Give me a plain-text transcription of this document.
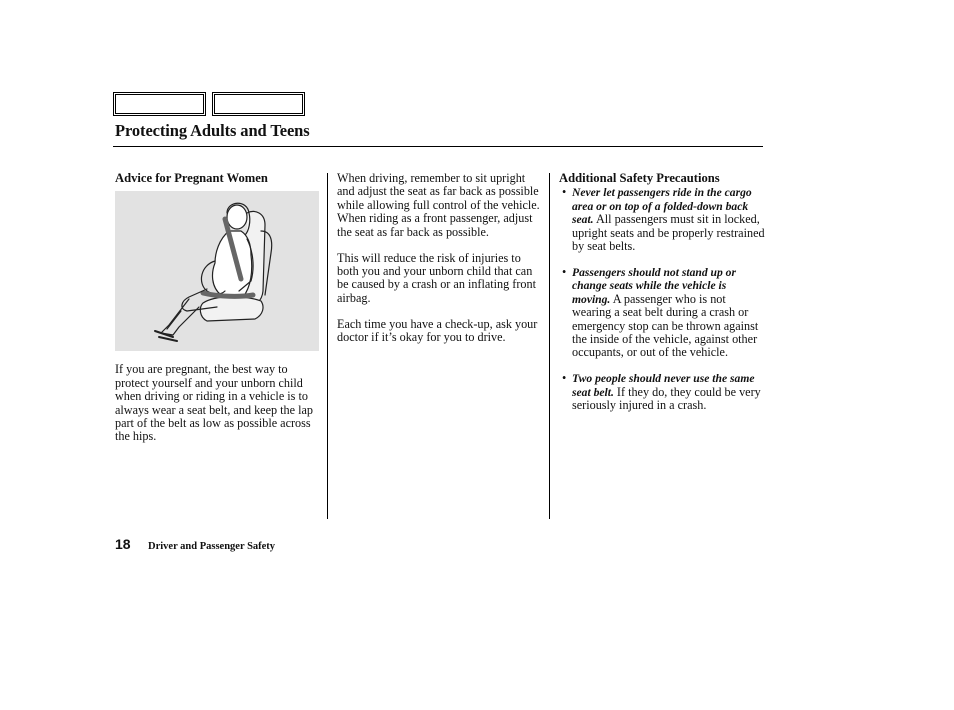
Protecting Adults and Teens
Advice for Pregnant Women

If you are pregnant, the best way to protect yourself and your unborn child when driving or riding in a vehicle is to always wear a seat belt, and keep the lap part of the belt as low as possible across the hips.

When driving, remember to sit upright and adjust the seat as far back as possible while allowing full control of the vehicle. When riding as a front passenger, adjust the seat as far back as possible.

This will reduce the risk of injuries to both you and your unborn child that can be caused by a crash or an inflating front airbag.

Each time you have a check-up, ask your doctor if it’s okay for you to drive.

Additional Safety Precautions
• Never let passengers ride in the cargo area or on top of a folded-down back seat. All passengers must sit in locked, upright seats and be properly restrained by seat belts.
• Passengers should not stand up or change seats while the vehicle is moving. A passenger who is not wearing a seat belt during a crash or emergency stop can be thrown against the inside of the vehicle, against other occupants, or out of the vehicle.
• Two people should never use the same seat belt. If they do, they could be very seriously injured in a crash.
18 Driver and Passenger Safety
